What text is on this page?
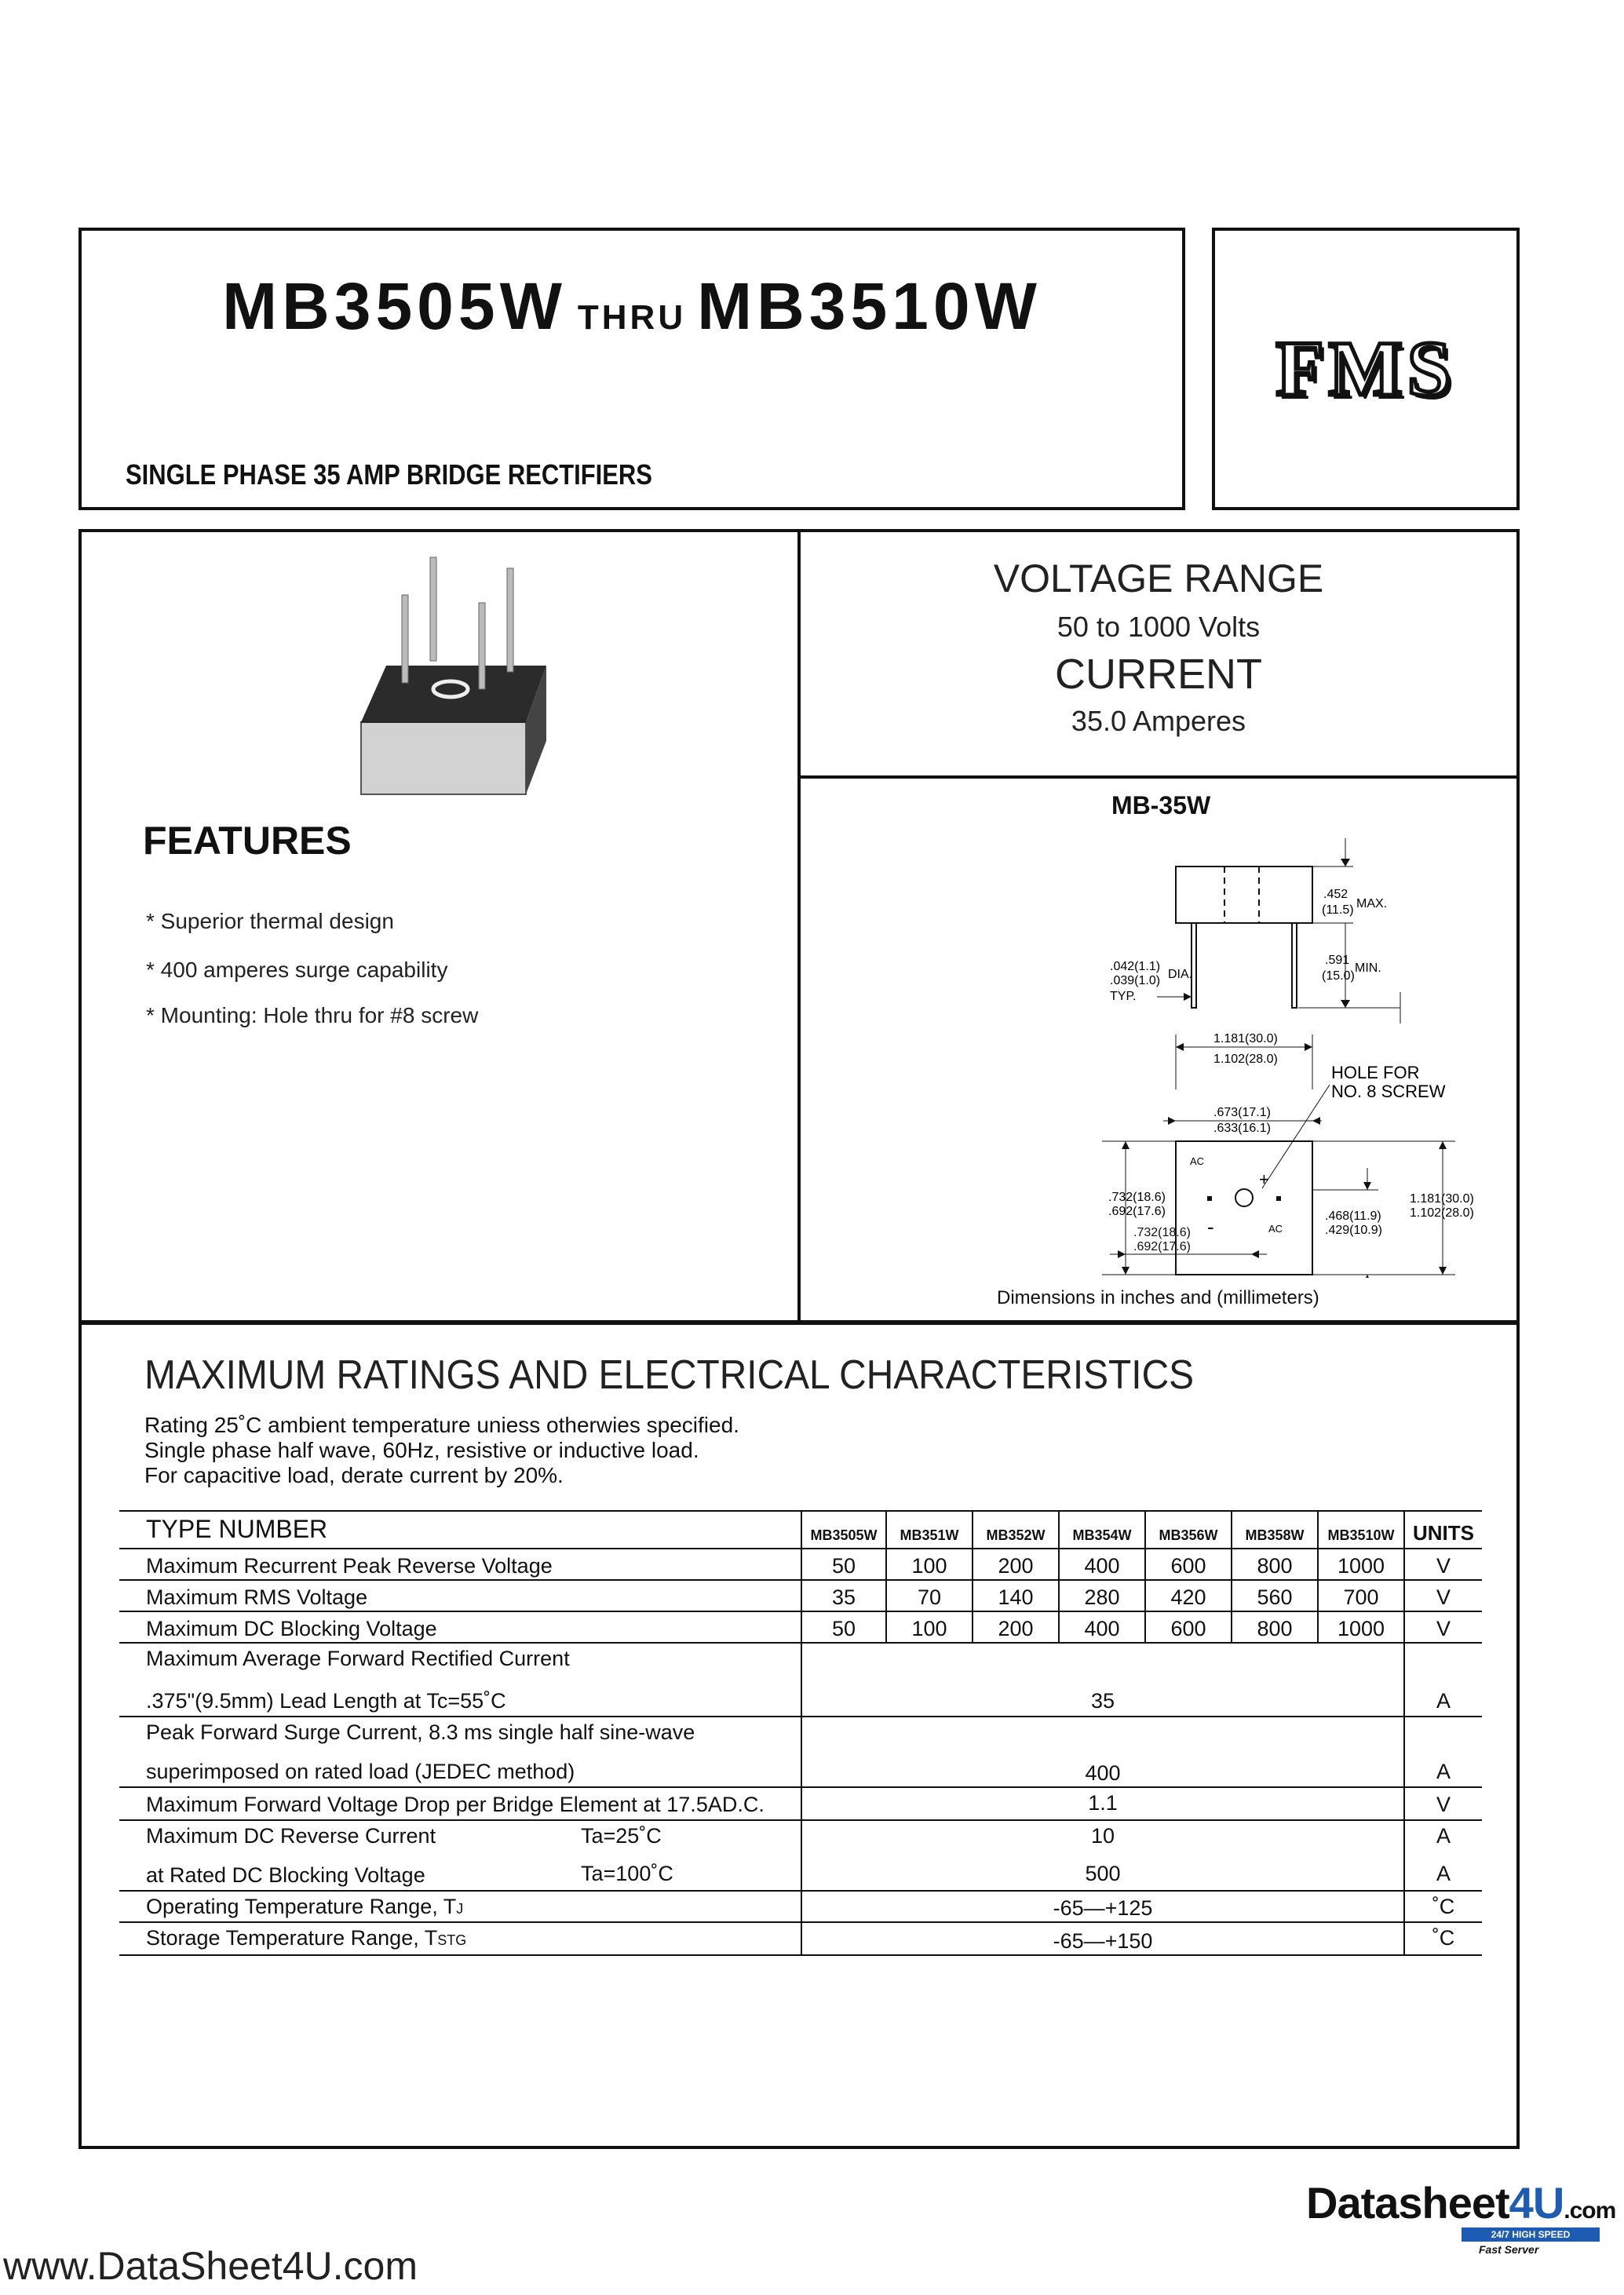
MB3505W THRU MB3510W
SINGLE PHASE 35 AMP BRIDGE RECTIFIERS
FMS
VOLTAGE RANGE
50 to 1000 Volts
CURRENT
35.0 Amperes
FEATURES
* Superior thermal design
* 400 amperes surge capability
* Mounting: Hole thru for #8 screw
MB-35W
.452
(11.5) MAX.
.591
(15.0)
MIN.
.042(1.1)
.039(1.0) DIA.
TYP.
1.181(30.0)
1.102(28.0)
.673(17.1)
.633(16.1)
HOLE FOR
NO. 8 SCREW
AC
AC
+
-
.732(18.6)
.692(17.6)	.468(11.9)
.429(10.9)
1.181(30.0)
1.102(28.0)
.732(18.6)
.692(17.6)
Dimensions in inches and (millimeters)
MAXIMUM RATINGS AND ELECTRICAL CHARACTERISTICS
Rating 25˚C ambient temperature uniess otherwies specified.
Single phase half wave, 60Hz, resistive or inductive load.
For capacitive load, derate current by 20%.
TYPE NUMBER	MB3505W	MB351W	MB352W	MB354W	MB356W	MB358W	MB3510W UNITS
Maximum Recurrent Peak Reverse Voltage	50	100	200	400	600	800	1000	V
Maximum RMS Voltage	35	70	140	280	420	560	700	V
Maximum DC Blocking Voltage	50	100	200	400	600	800	1000	V
Maximum Average Forward Rectified Current
.375"(9.5mm) Lead Length at Tc=55˚C	35	A
Peak Forward Surge Current, 8.3 ms single half sine-wave
superimposed on rated load (JEDEC method)	400	A
Maximum Forward Voltage Drop per Bridge Element at 17.5AD.C.	1.1	V
Maximum DC Reverse Current	Ta=25˚C	10	A
at Rated DC Blocking Voltage	Ta=100˚C	500	A
Operating Temperature Range, TJ	-65—+125	˚C
Storage Temperature Range, TSTG	-65—+150	˚C
www.DataSheet4U.com
Datasheet4U.com
24/7 HIGH SPEED
Fast Server
